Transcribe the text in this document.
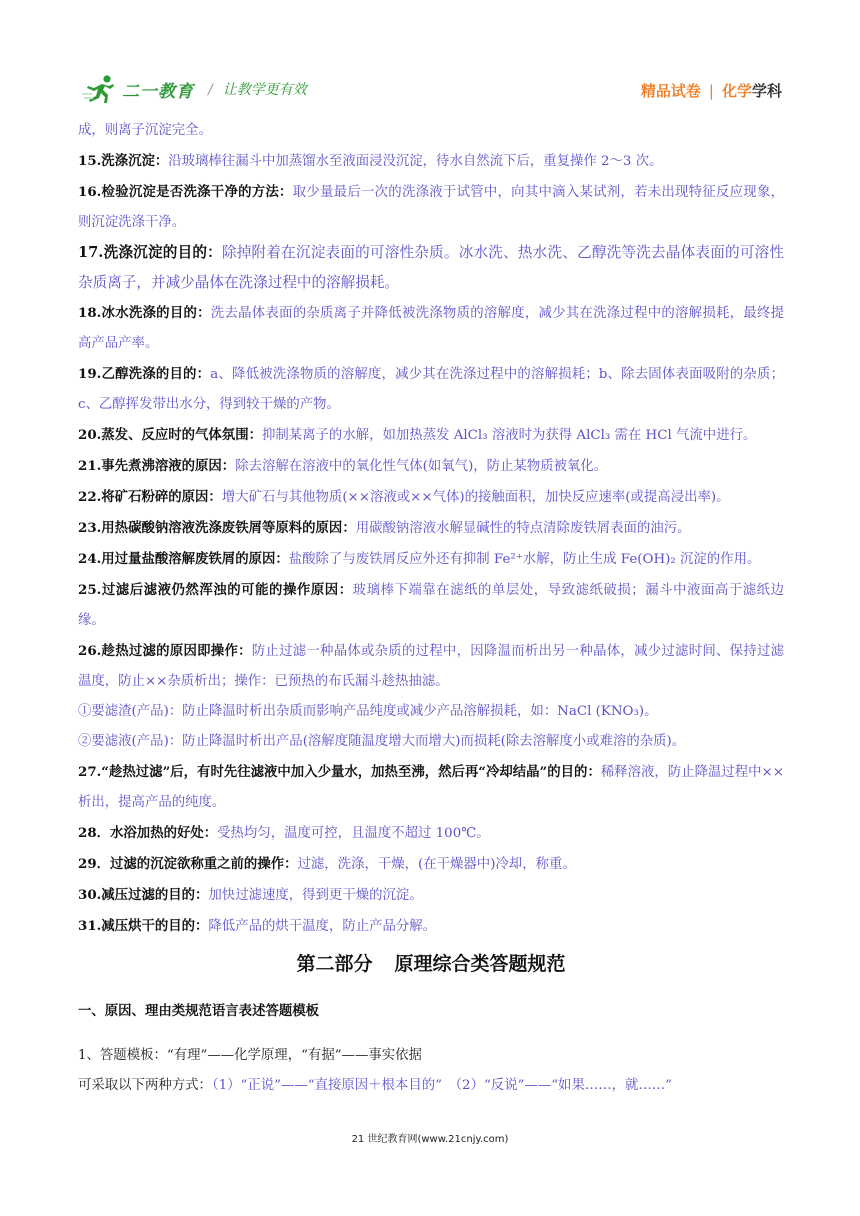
二一教育 / 让教学更有效	精品试卷 | 化学学科

成，则离子沉淀完全。

15.洗涤沉淀：沿玻璃棒往漏斗中加蒸馏水至液面浸没沉淀，待水自然流下后，重复操作 2～3 次。

16.检验沉淀是否洗涤干净的方法：取少量最后一次的洗涤液于试管中，向其中滴入某试剂，若未出现特征反应现象，则沉淀洗涤干净。

17.洗涤沉淀的目的：除掉附着在沉淀表面的可溶性杂质。冰水洗、热水洗、乙醇洗等洗去晶体表面的可溶性杂质离子，并减少晶体在洗涤过程中的溶解损耗。

18.冰水洗涤的目的：洗去晶体表面的杂质离子并降低被洗涤物质的溶解度，减少其在洗涤过程中的溶解损耗，最终提高产品产率。

19.乙醇洗涤的目的：a、降低被洗涤物质的溶解度，减少其在洗涤过程中的溶解损耗；b、除去固体表面吸附的杂质；c、乙醇挥发带出水分，得到较干燥的产物。

20.蒸发、反应时的气体氛围：抑制某离子的水解，如加热蒸发 AlCl₃ 溶液时为获得 AlCl₃ 需在 HCl 气流中进行。

21.事先煮沸溶液的原因：除去溶解在溶液中的氧化性气体(如氧气)，防止某物质被氧化。

22.将矿石粉碎的原因：增大矿石与其他物质(××溶液或××气体)的接触面积，加快反应速率(或提高浸出率)。

23.用热碳酸钠溶液洗涤废铁屑等原料的原因：用碳酸钠溶液水解显碱性的特点清除废铁屑表面的油污。

24.用过量盐酸溶解废铁屑的原因：盐酸除了与废铁屑反应外还有抑制 Fe²⁺水解，防止生成 Fe(OH)₂ 沉淀的作用。

25.过滤后滤液仍然浑浊的可能的操作原因：玻璃棒下端靠在滤纸的单层处，导致滤纸破损；漏斗中液面高于滤纸边缘。

26.趁热过滤的原因即操作：防止过滤一种晶体或杂质的过程中，因降温而析出另一种晶体，减少过滤时间、保持过滤温度，防止××杂质析出；操作：已预热的布氏漏斗趁热抽滤。

①要滤渣(产品)：防止降温时析出杂质而影响产品纯度或减少产品溶解损耗，如：NaCl (KNO₃)。

②要滤液(产品)：防止降温时析出产品(溶解度随温度增大而增大)而损耗(除去溶解度小或难溶的杂质)。

27.“趁热过滤”后，有时先往滤液中加入少量水，加热至沸，然后再“冷却结晶”的目的：稀释溶液，防止降温过程中××析出，提高产品的纯度。

28．水浴加热的好处：受热均匀，温度可控，且温度不超过 100℃。

29．过滤的沉淀欲称重之前的操作：过滤，洗涤，干燥，(在干燥器中)冷却，称重。

30.减压过滤的目的：加快过滤速度，得到更干燥的沉淀。

31.减压烘干的目的：降低产品的烘干温度，防止产品分解。

第二部分 原理综合类答题规范

一、原因、理由类规范语言表述答题模板

1、答题模板：“有理”——化学原理，“有据”——事实依据

可采取以下两种方式：（1）“正说”——“直接原因＋根本目的”　（2）“反说”——“如果……，就……”

21 世纪教育网(www.21cnjy.com)
